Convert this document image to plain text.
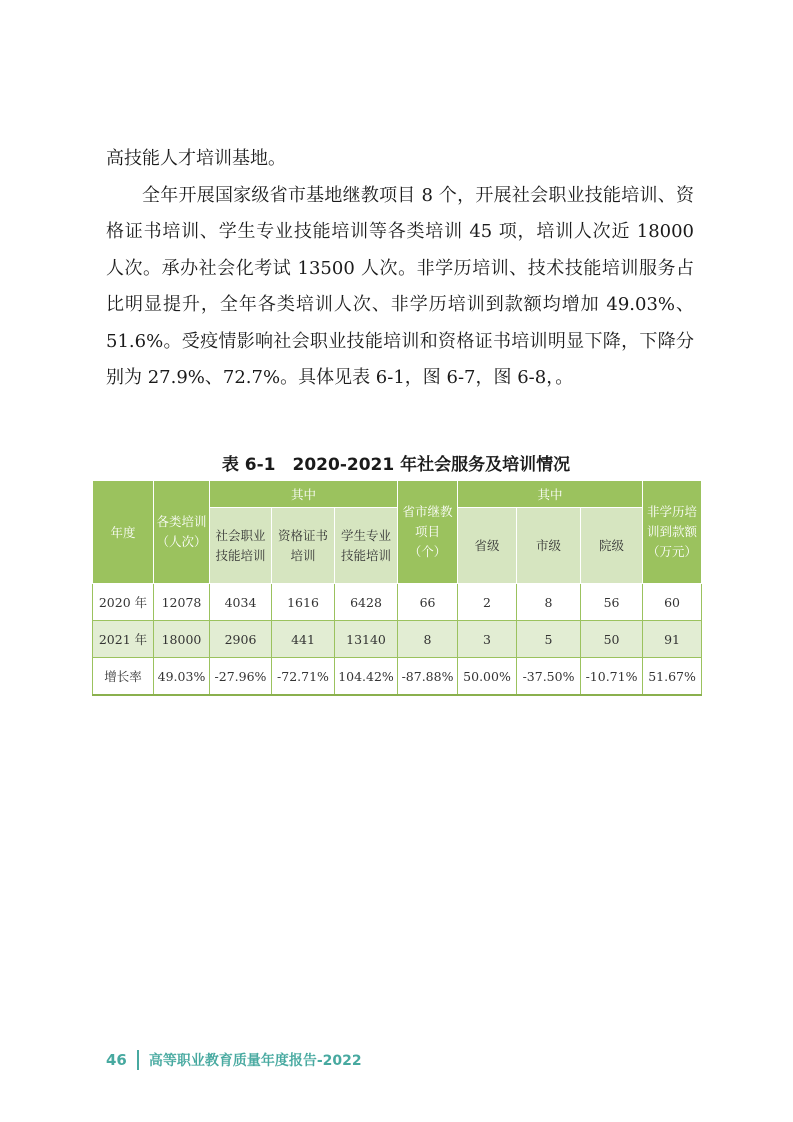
高技能人才培训基地。

全年开展国家级省市基地继教项目 8 个，开展社会职业技能培训、资格证书培训、学生专业技能培训等各类培训 45 项，培训人次近 18000 人次。承办社会化考试 13500 人次。非学历培训、技术技能培训服务占比明显提升，全年各类培训人次、非学历培训到款额均增加 49.03%、51.6%。受疫情影响社会职业技能培训和资格证书培训明显下降，下降分别为 27.9%、72.7%。具体见表 6-1，图 6-7，图 6-8，。

表 6-1　2020-2021 年社会服务及培训情况
年度	各类培训（人次）	其中			省市继教项目（个）	其中			非学历培训到款额（万元）
		社会职业技能培训	资格证书培训	学生专业技能培训		省级	市级	院级	
2020 年	12078	4034	1616	6428	66	2	8	56	60
2021 年	18000	2906	441	13140	8	3	5	50	91
增长率	49.03%	-27.96%	-72.71%	104.42%	-87.88%	50.00%	-37.50%	-10.71%	51.67%
46 高等职业教育质量年度报告-2022
